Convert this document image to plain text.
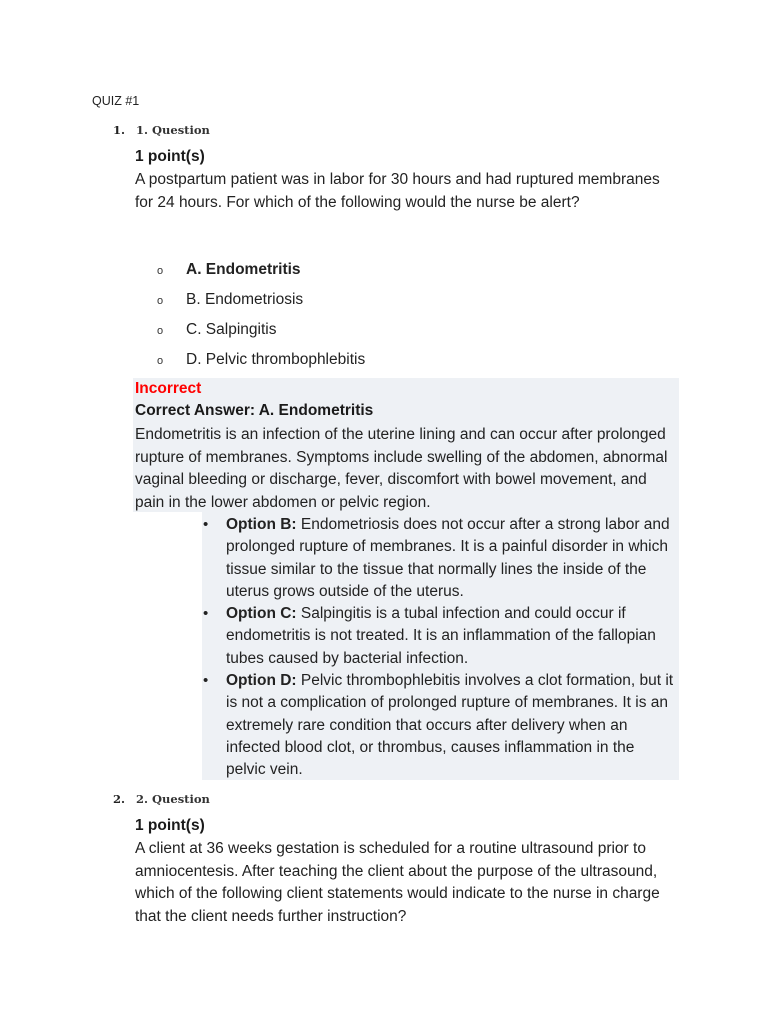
QUIZ #1
1. 1. Question
1 point(s)

A postpartum patient was in labor for 30 hours and had ruptured membranes for 24 hours. For which of the following would the nurse be alert?

o A. Endometritis
o B. Endometriosis
o C. Salpingitis
o D. Pelvic thrombophlebitis
Incorrect
Correct Answer: A. Endometritis

Endometritis is an infection of the uterine lining and can occur after prolonged rupture of membranes. Symptoms include swelling of the abdomen, abnormal vaginal bleeding or discharge, fever, discomfort with bowel movement, and pain in the lower abdomen or pelvic region.

• Option B: Endometriosis does not occur after a strong labor and prolonged rupture of membranes. It is a painful disorder in which tissue similar to the tissue that normally lines the inside of the uterus grows outside of the uterus.
• Option C: Salpingitis is a tubal infection and could occur if endometritis is not treated. It is an inflammation of the fallopian tubes caused by bacterial infection.
• Option D: Pelvic thrombophlebitis involves a clot formation, but it is not a complication of prolonged rupture of membranes. It is an extremely rare condition that occurs after delivery when an infected blood clot, or thrombus, causes inflammation in the pelvic vein.
2. 2. Question
1 point(s)

A client at 36 weeks gestation is scheduled for a routine ultrasound prior to amniocentesis. After teaching the client about the purpose of the ultrasound, which of the following client statements would indicate to the nurse in charge that the client needs further instruction?
